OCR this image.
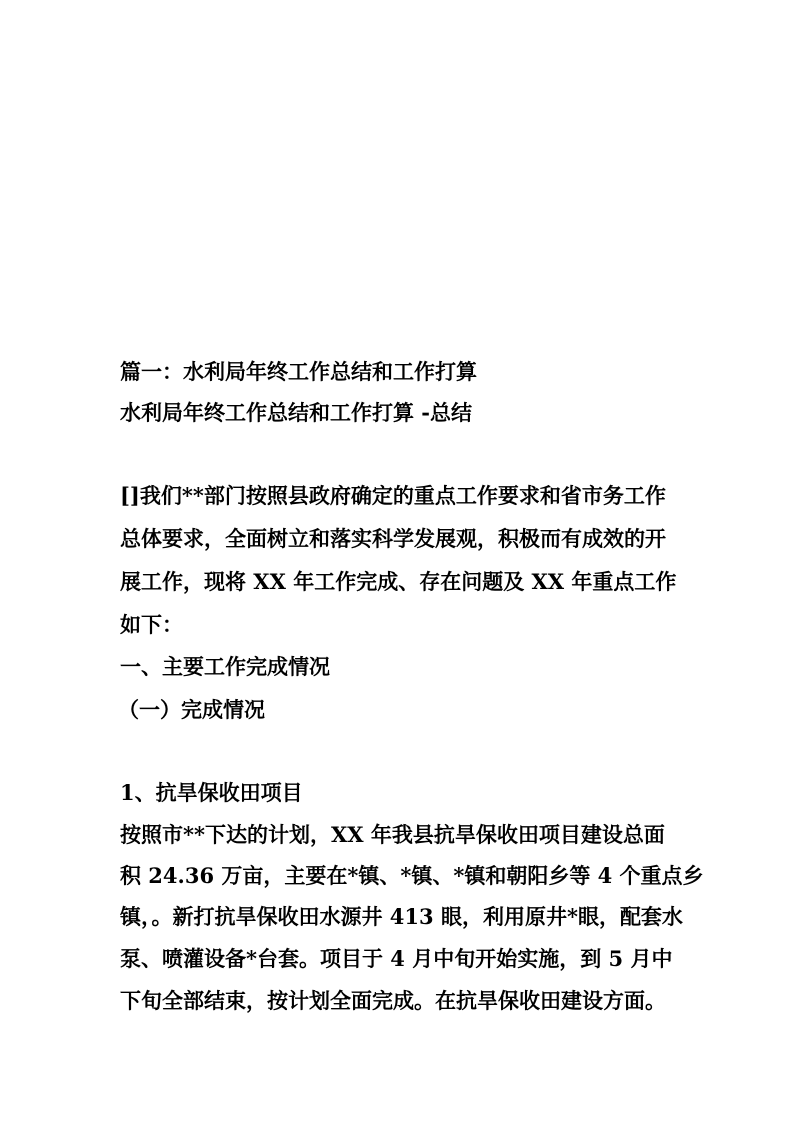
篇一：水利局年终工作总结和工作打算
水利局年终工作总结和工作打算 -总结
[]我们**部门按照县政府确定的重点工作要求和省市务工作
总体要求，全面树立和落实科学发展观，积极而有成效的开
展工作，现将 XX 年工作完成、存在问题及 XX 年重点工作
如下：
一、主要工作完成情况
（一）完成情况
1、抗旱保收田项目
按照市**下达的计划，XX 年我县抗旱保收田项目建设总面
积 24.36 万亩，主要在*镇、*镇、*镇和朝阳乡等 4 个重点乡
镇，。新打抗旱保收田水源井 413 眼，利用原井*眼，配套水
泵、喷灌设备*台套。项目于 4 月中旬开始实施，到 5 月中
下旬全部结束，按计划全面完成。在抗旱保收田建设方面。
